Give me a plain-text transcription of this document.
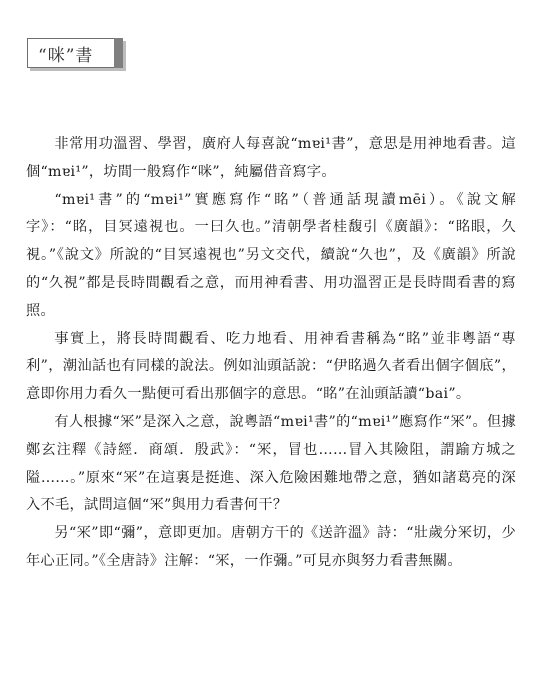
“咪”書

非常用功溫習、學習，廣府人每喜說“mɐi¹書”，意思是用神地看書。這個“mɐi¹”，坊間一般寫作“咪”，純屬借音寫字。

“mɐi¹書”的“mɐi¹”實應寫作“眳”（普通話現讀mēi）。《說文解字》：“眳，目冥遠視也。一曰久也。”清朝學者桂馥引《廣韻》：“眳眼，久視。”《說文》所說的“目冥遠視也”另文交代，續說“久也”，及《廣韻》所說的“久視”都是長時間觀看之意，而用神看書、用功溫習正是長時間看書的寫照。

事實上，將長時間觀看、吃力地看、用神看書稱為“眳”並非粵語“專利”，潮汕話也有同樣的說法。例如汕頭話說：“伊眳過久者看出個字個底”，意即你用力看久一點便可看出那個字的意思。“眳”在汕頭話讀“bai”。

有人根據“冞”是深入之意，說粵語“mɐi¹書”的“mɐi¹”應寫作“冞”。但據鄭玄注釋《詩經．商頌．殷武》：“冞，冒也……冒入其險阻，謂踰方城之隘……。”原來“冞”在這裏是挺進、深入危險困難地帶之意，猶如諸葛亮的深入不毛，試問這個“冞”與用力看書何干？

另“冞”即“彌”，意即更加。唐朝方干的《送許溫》詩：“壯歲分冞切，少年心正同。”《全唐詩》注解：“冞，一作彌。”可見亦與努力看書無關。
